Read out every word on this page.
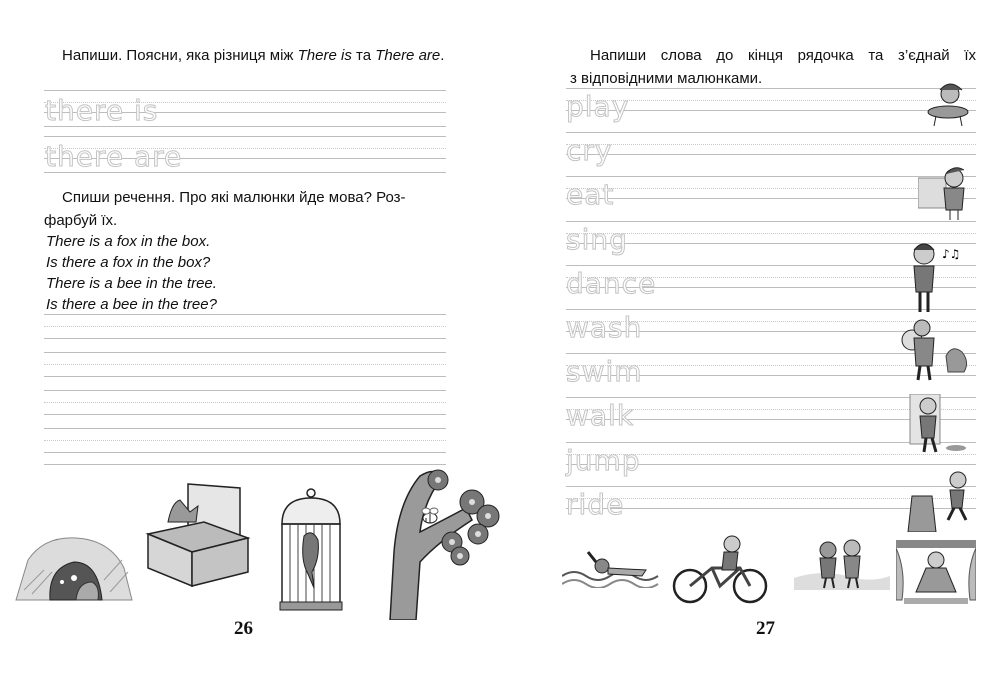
Напиши. Поясни, яка різниця між There is та There are.

there is
there are
Спиши речення. Про які малюнки йде мова? Роз-
фарбуй їх.
There is a fox in the box.
Is there a fox in the box?
There is a bee in the tree.
Is there a bee in the tree?
26
Напиши слова до кінця рядочка та з’єднай їх
з відповідними малюнками.
play
cry
eat
sing
dance
wash
swim
walk
jump
ride
♪♫
27
